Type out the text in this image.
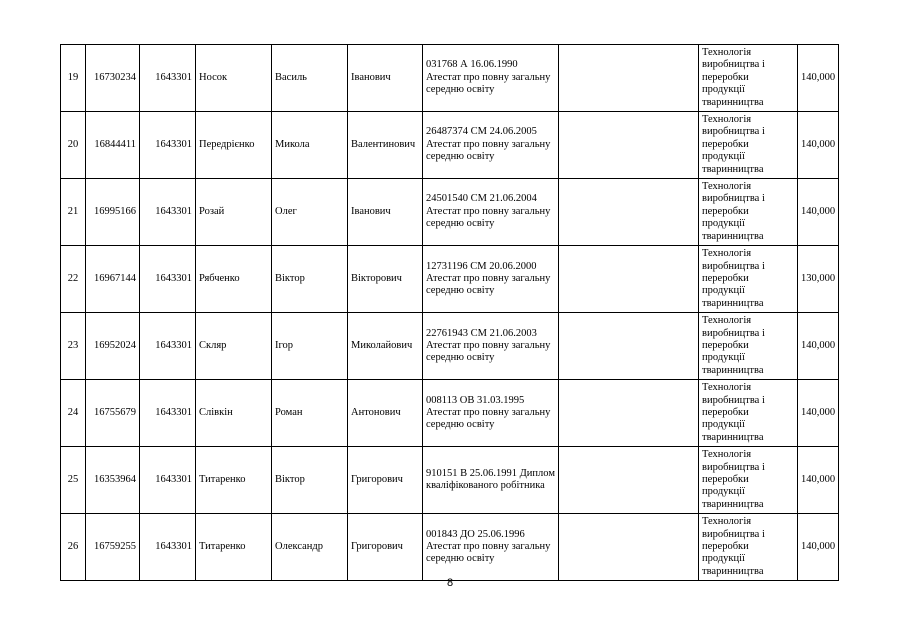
19	16730234	1643301	Носок	Василь	Іванович	031768 А 16.06.1990 Атестат про повну загальну середню освіту		Технологія виробництва і переробки продукції тваринництва	140,000
20	16844411	1643301	Передрієнко	Микола	Валентинович	26487374 СМ 24.06.2005 Атестат про повну загальну середню освіту		Технологія виробництва і переробки продукції тваринництва	140,000
21	16995166	1643301	Розай	Олег	Іванович	24501540 СМ 21.06.2004 Атестат про повну загальну середню освіту		Технологія виробництва і переробки продукції тваринництва	140,000
22	16967144	1643301	Рябченко	Віктор	Вікторович	12731196 СМ 20.06.2000 Атестат про повну загальну середню освіту		Технологія виробництва і переробки продукції тваринництва	130,000
23	16952024	1643301	Скляр	Ігор	Миколайович	22761943 СМ 21.06.2003 Атестат про повну загальну середню освіту		Технологія виробництва і переробки продукції тваринництва	140,000
24	16755679	1643301	Слівкін	Роман	Антонович	008113 ОВ 31.03.1995 Атестат про повну загальну середню освіту		Технологія виробництва і переробки продукції тваринництва	140,000
25	16353964	1643301	Титаренко	Віктор	Григорович	910151 В 25.06.1991 Диплом кваліфікованого робітника		Технологія виробництва і переробки продукції тваринництва	140,000
26	16759255	1643301	Титаренко	Олександр	Григорович	001843 ДО 25.06.1996 Атестат про повну загальну середню освіту		Технологія виробництва і переробки продукції тваринництва	140,000
8
